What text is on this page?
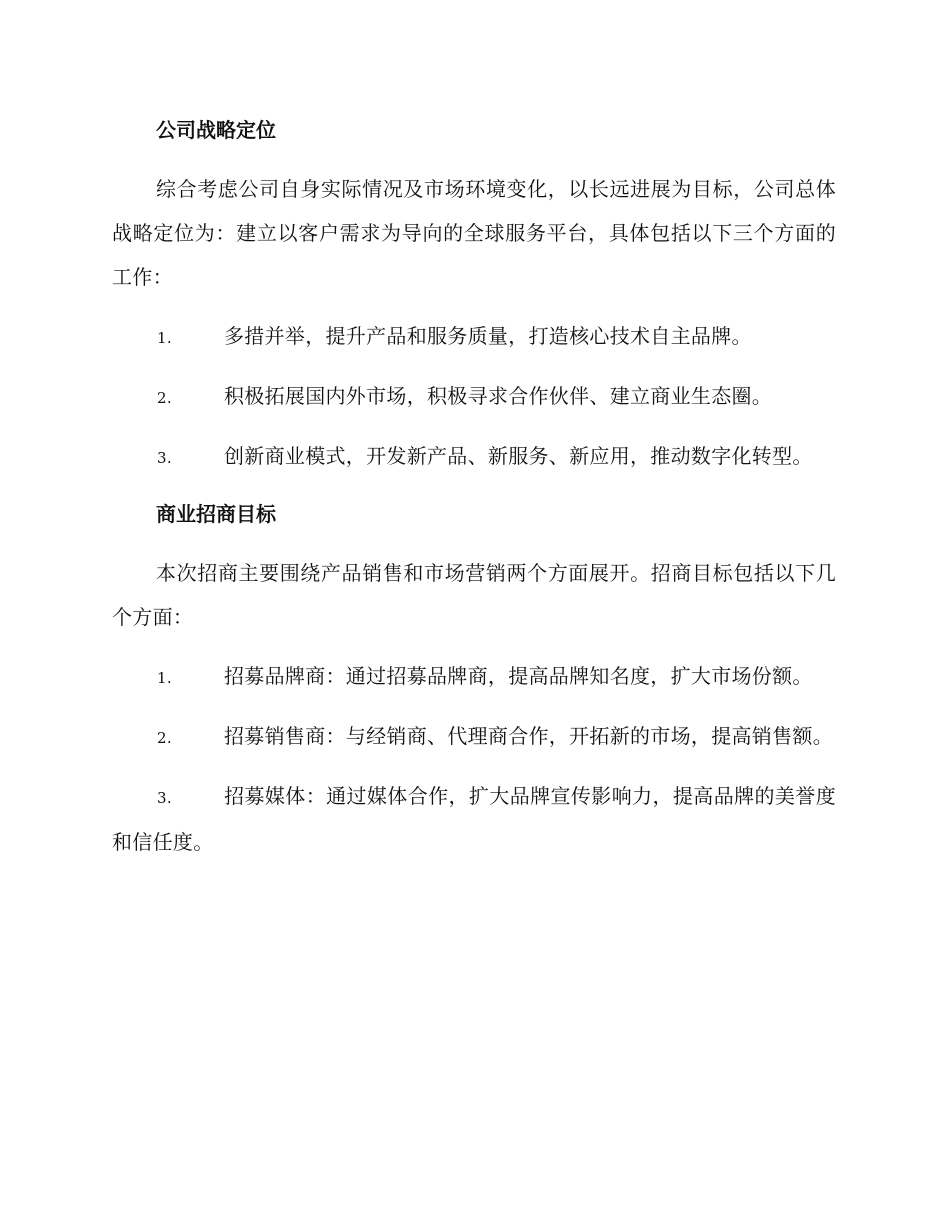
公司战略定位

综合考虑公司自身实际情况及市场环境变化，以长远进展为目标，公司总体战略定位为：建立以客户需求为导向的全球服务平台，具体包括以下三个方面的工作：

1.	多措并举，提升产品和服务质量，打造核心技术自主品牌。

2.	积极拓展国内外市场，积极寻求合作伙伴、建立商业生态圈。

3.	创新商业模式，开发新产品、新服务、新应用，推动数字化转型。

商业招商目标

本次招商主要围绕产品销售和市场营销两个方面展开。招商目标包括以下几个方面：

1.	招募品牌商：通过招募品牌商，提高品牌知名度，扩大市场份额。

2.	招募销售商：与经销商、代理商合作，开拓新的市场，提高销售额。

3.	招募媒体：通过媒体合作，扩大品牌宣传影响力，提高品牌的美誉度和信任度。
